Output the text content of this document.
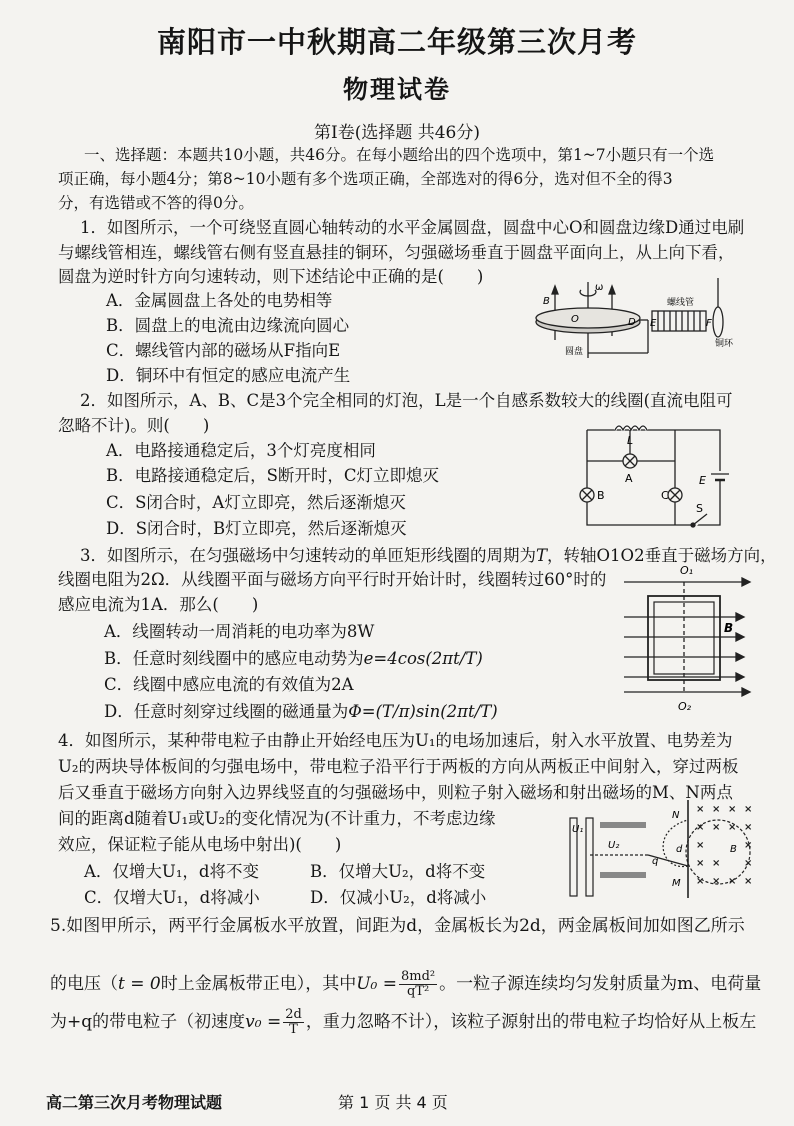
南阳市一中秋期高二年级第三次月考
物理试卷
第Ⅰ卷(选择题 共46分)
一、选择题：本题共10小题，共46分。在每小题给出的四个选项中，第1~7小题只有一个选
项正确，每小题4分；第8~10小题有多个选项正确，全部选对的得6分，选对但不全的得3
分，有选错或不答的得0分。
1．如图所示，一个可绕竖直圆心轴转动的水平金属圆盘，圆盘中心O和圆盘边缘D通过电刷
与螺线管相连，螺线管右侧有竖直悬挂的铜环，匀强磁场垂直于圆盘平面向上，从上向下看，
圆盘为逆时针方向匀速转动，则下述结论中正确的是(　　)
A．金属圆盘上各处的电势相等
B．圆盘上的电流由边缘流向圆心
C．螺线管内部的磁场从F指向E
D．铜环中有恒定的感应电流产生
B
ω
O	D E	F
螺线管
铜环
圆盘
2．如图所示，A、B、C是3个完全相同的灯泡，L是一个自感系数较大的线圈(直流电阻可
忽略不计)。则(　　)
A．电路接通稳定后，3个灯亮度相同
B．电路接通稳定后，S断开时，C灯立即熄灭
C．S闭合时，A灯立即亮，然后逐渐熄灭
D．S闭合时，B灯立即亮，然后逐渐熄灭
L
A
B	C
E
S
3．如图所示，在匀强磁场中匀速转动的单匝矩形线圈的周期为T，转轴O1O2垂直于磁场方向，
线圈电阻为2Ω．从线圈平面与磁场方向平行时开始计时，线圈转过60°时的
感应电流为1A．那么(　　)
A．线圈转动一周消耗的电功率为8W
B．任意时刻线圈中的感应电动势为e=4cos(2πt/T)
C．线圈中感应电流的有效值为2A
D．任意时刻穿过线圈的磁通量为Φ=(T/π)sin(2πt/T)
O₁
O₂
B
4．如图所示，某种带电粒子由静止开始经电压为U₁的电场加速后，射入水平放置、电势差为
U₂的两块导体板间的匀强电场中，带电粒子沿平行于两板的方向从两板正中间射入，穿过两板
后又垂直于磁场方向射入边界线竖直的匀强磁场中，则粒子射入磁场和射出磁场的M、N两点
间的距离d随着U₁或U₂的变化情况为(不计重力，不考虑边缘
效应，保证粒子能从电场中射出)(　　)
A．仅增大U₁，d将不变	B．仅增大U₂，d将不变
C．仅增大U₁，d将减小	D．仅减小U₂，d将减小
× × × ×
× × × ×
×	×
× × ×
× × × ×
U₁
U₂
N
M
d	B
q
5.如图甲所示，两平行金属板水平放置，间距为d，金属板长为2d，两金属板间加如图乙所示
的电压（t = 0时上金属板带正电），其中$U_0 = \frac{\text{8md²}}{\text{qT²}}$ 。一粒子源连续均匀发射质量为m、电荷量
为+q的带电粒子（初速度$v_0 = \frac{2d}{T}$ ，重力忽略不计），该粒子源射出的带电粒子均恰好从上板左
高二第三次月考物理试题	第 1 页 共 4 页
